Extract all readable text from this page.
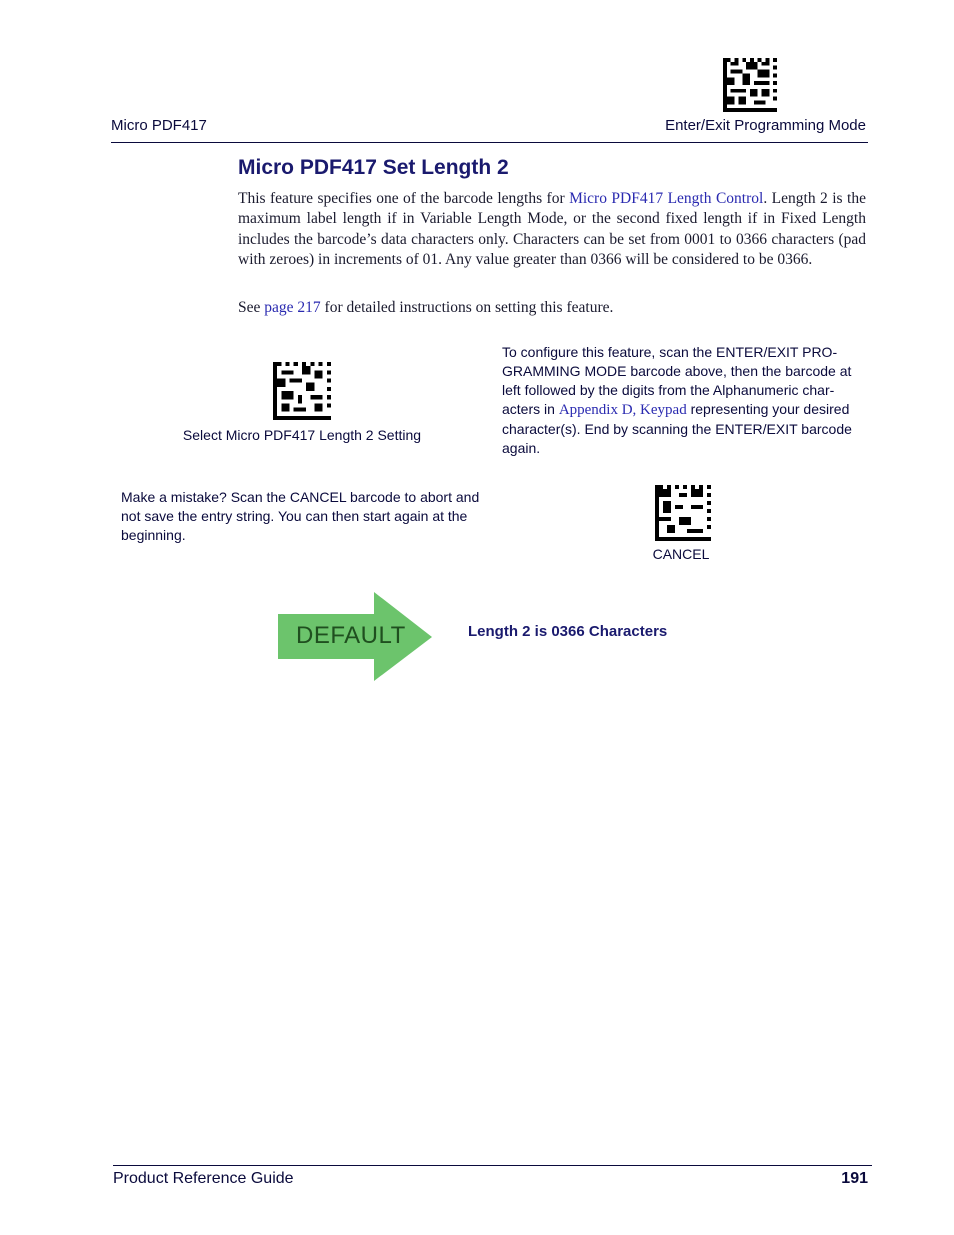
Micro PDF417	Enter/Exit Programming Mode
Micro PDF417 Set Length 2
This feature specifies one of the barcode lengths for Micro PDF417 Length Control. Length 2 is the maximum label length if in Variable Length Mode, or the second fixed length if in Fixed Length includes the barcode’s data characters only. Characters can be set from 0001 to 0366 characters (pad with zeroes) in increments of 01. Any value greater than 0366 will be considered to be 0366.
See page 217 for detailed instructions on setting this feature.
Select Micro PDF417 Length 2 Setting
To configure this feature, scan the ENTER/EXIT PRO-GRAMMING MODE barcode above, then the barcode at left followed by the digits from the Alphanumeric char-acters in Appendix D, Keypad representing your desired character(s). End by scanning the ENTER/EXIT barcode again.
Make a mistake? Scan the CANCEL barcode to abort and not save the entry string. You can then start again at the beginning.
CANCEL
DEFAULT	Length 2 is 0366 Characters
Product Reference Guide	191
